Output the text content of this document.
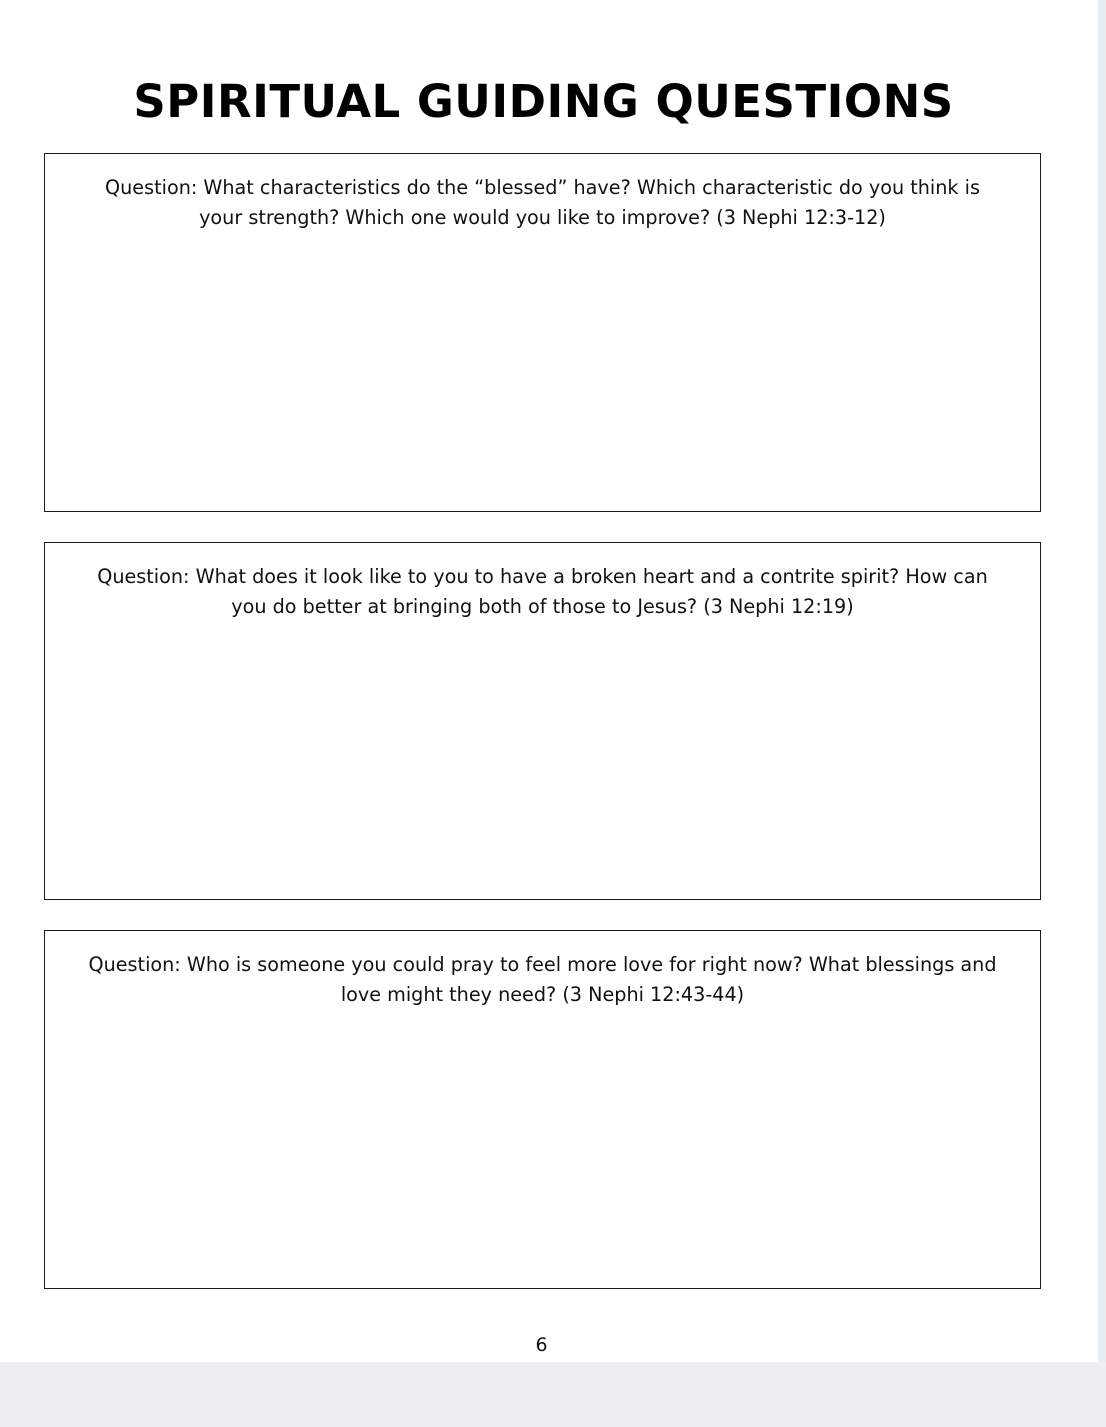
SPIRITUAL GUIDING QUESTIONS
Question: What characteristics do the “blessed” have? Which characteristic do you think is your strength? Which one would you like to improve? (3 Nephi 12:3-12)
Question: What does it look like to you to have a broken heart and a contrite spirit? How can you do better at bringing both of those to Jesus? (3 Nephi 12:19)
Question: Who is someone you could pray to feel more love for right now? What blessings and love might they need? (3 Nephi 12:43-44)
6
